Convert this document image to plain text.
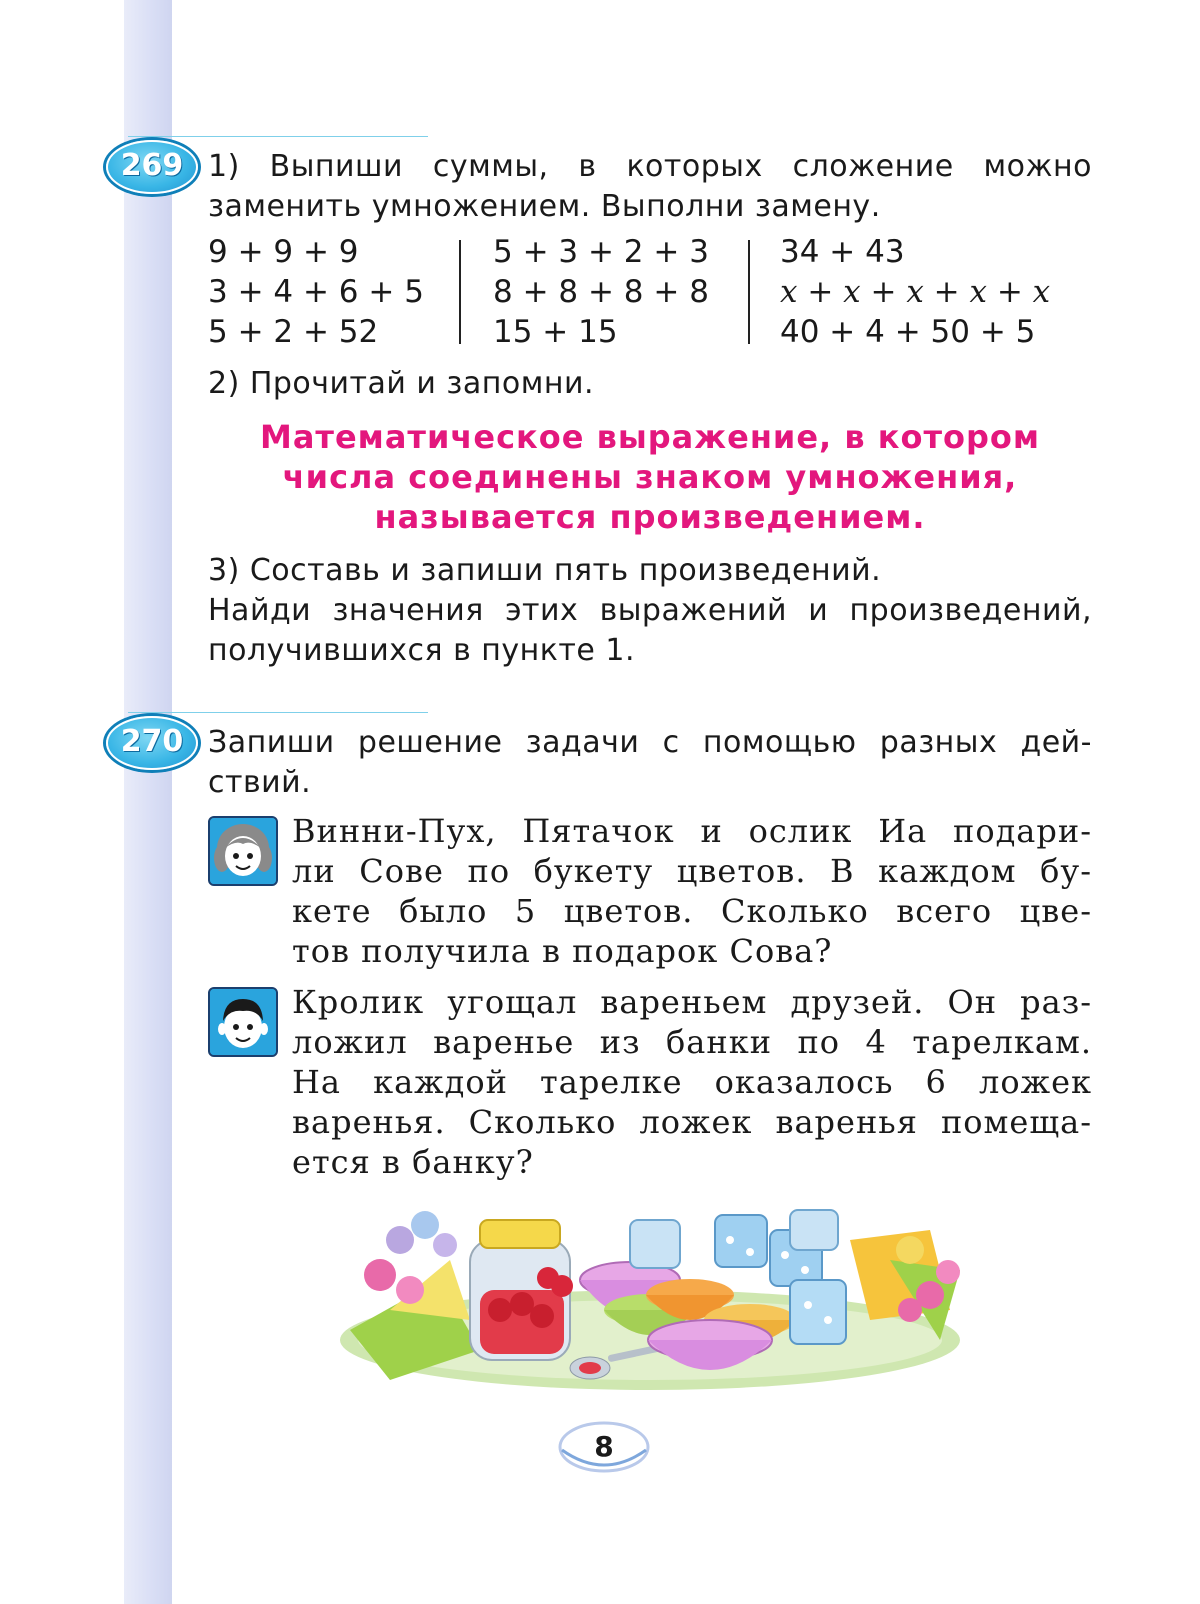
269 1) Выпиши суммы, в которых сложение можно
заменить умножением. Выполни замену.
9 + 9 + 9
3 + 4 + 6 + 5
5 + 2 + 52
5 + 3 + 2 + 3
8 + 8 + 8 + 8
15 + 15
34 + 43
x + x + x + x + x
40 + 4 + 50 + 5
2) Прочитай и запомни.
Математическое выражение, в котором
числа соединены знаком умножения,
называется произведением.
3) Составь и запиши пять произведений.
Найди значения этих выражений и произведений,
получившихся в пункте 1.
270 Запиши решение задачи с помощью разных дей-
ствий.
Винни-Пух, Пятачок и ослик Иа подари-
ли Сове по букету цветов. В каждом бу-
кете было 5 цветов. Сколько всего цве-
тов получила в подарок Сова?
Кролик угощал вареньем друзей. Он раз-
ложил варенье из банки по 4 тарелкам.
На каждой тарелке оказалось 6 ложек
варенья. Сколько ложек варенья помеща-
ется в банку?
8
